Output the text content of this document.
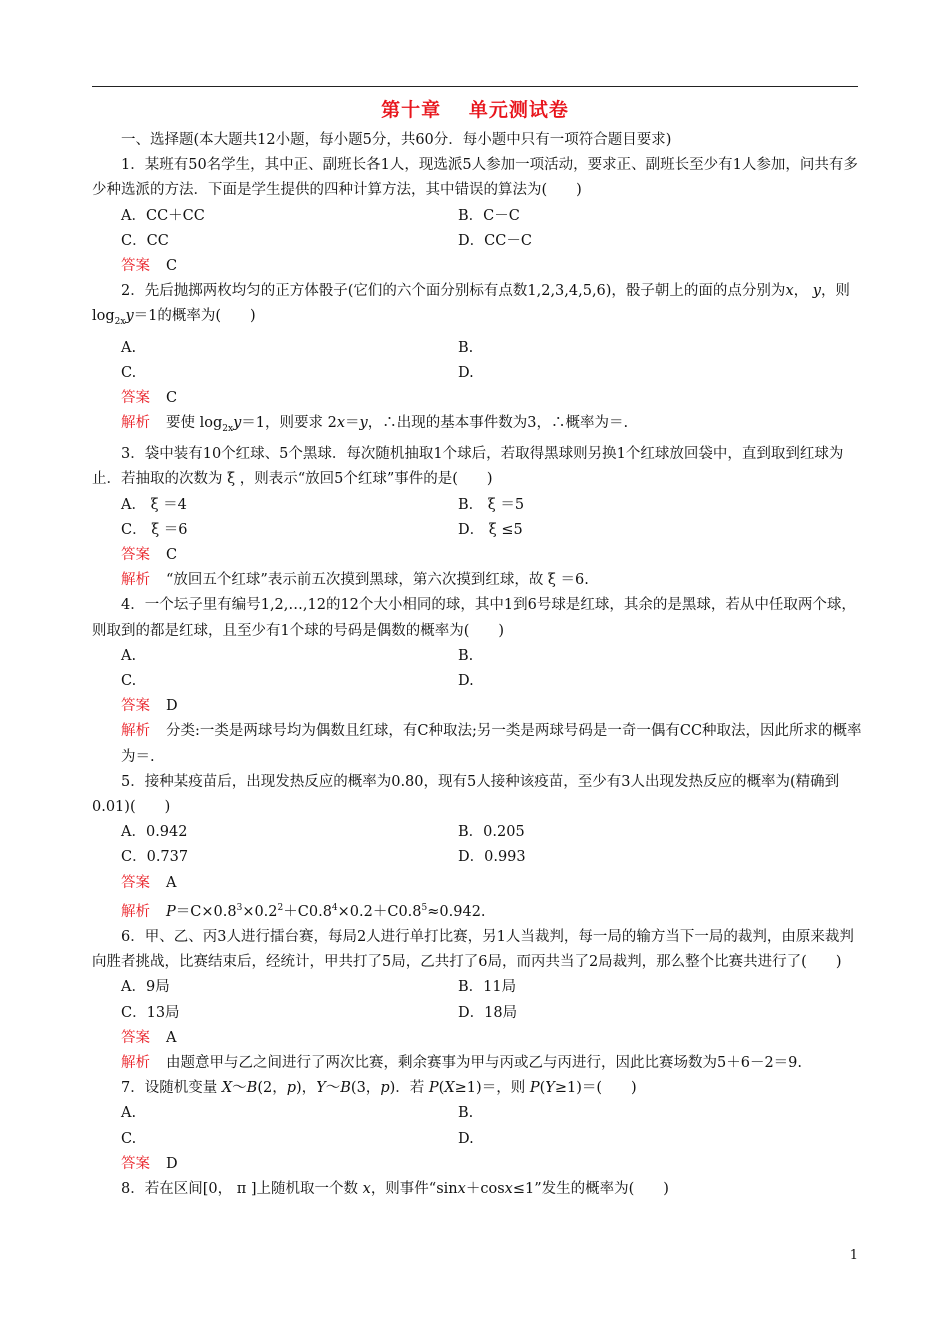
第十章 单元测试卷

一、选择题(本大题共12小题，每小题5分，共60分．每小题中只有一项符合题目要求)

1．某班有50名学生，其中正、副班长各1人，现选派5人参加一项活动，要求正、副班长至少有1人参加，问共有多少种选派的方法．下面是学生提供的四种计算方法，其中错误的算法为(　　)

A．CC＋CC	B．C－C
C．CC	D．CC－C

答案 C

2．先后抛掷两枚均匀的正方体骰子(它们的六个面分别标有点数1,2,3,4,5,6)，骰子朝上的面的点分别为x， y，则 $\log_{2x}y=1$的概率为(　　)

A.	B.
C.	D.

答案 C

解析 要使 $\log_{2x}y=1$，则要求 2x＝y，∴出现的基本事件数为3，∴概率为＝.

3．袋中装有10个红球、5个黑球．每次随机抽取1个球后，若取得黑球则另换1个红球放回袋中，直到取到红球为止．若抽取的次数为 ξ ，则表示“放回5个红球”事件的是(　　)

A． ξ ＝4	B． ξ ＝5
C． ξ ＝6	D． ξ ≤5

答案 C

解析 “放回五个红球”表示前五次摸到黑球，第六次摸到红球，故 ξ ＝6.

4．一个坛子里有编号1,2,…,12的12个大小相同的球，其中1到6号球是红球，其余的是黑球，若从中任取两个球，则取到的都是红球，且至少有1个球的号码是偶数的概率为(　　)

A.	B.
C.	D.

答案 D

解析 分类:一类是两球号均为偶数且红球，有C种取法;另一类是两球号码是一奇一偶有CC种取法，因此所求的概率为＝.

5．接种某疫苗后，出现发热反应的概率为0.80，现有5人接种该疫苗，至少有3人出现发热反应的概率为(精确到0.01)(　　)

A．0.942	B．0.205
C．0.737	D．0.993

答案 A

解析 $P=C\times 0.8^3\times 0.2^2+C0.8^4\times 0.2+C0.8^5\approx 0.942$.

6．甲、乙、丙3人进行擂台赛，每局2人进行单打比赛，另1人当裁判，每一局的输方当下一局的裁判，由原来裁判向胜者挑战，比赛结束后，经统计，甲共打了5局，乙共打了6局，而丙共当了2局裁判，那么整个比赛共进行了(　　)

A．9局	B．11局
C．13局	D．18局

答案 A

解析 由题意甲与乙之间进行了两次比赛，剩余赛事为甲与丙或乙与丙进行，因此比赛场数为5＋6－2＝9.

7．设随机变量 X～B(2，p)，Y～B(3，p)．若 P(X≥1)＝，则 P(Y≥1)＝(　　)

A.	B.
C.	D.

答案 D

8．若在区间[0， π ]上随机取一个数 x，则事件“sinx＋cosx≤1”发生的概率为(　　)

1
